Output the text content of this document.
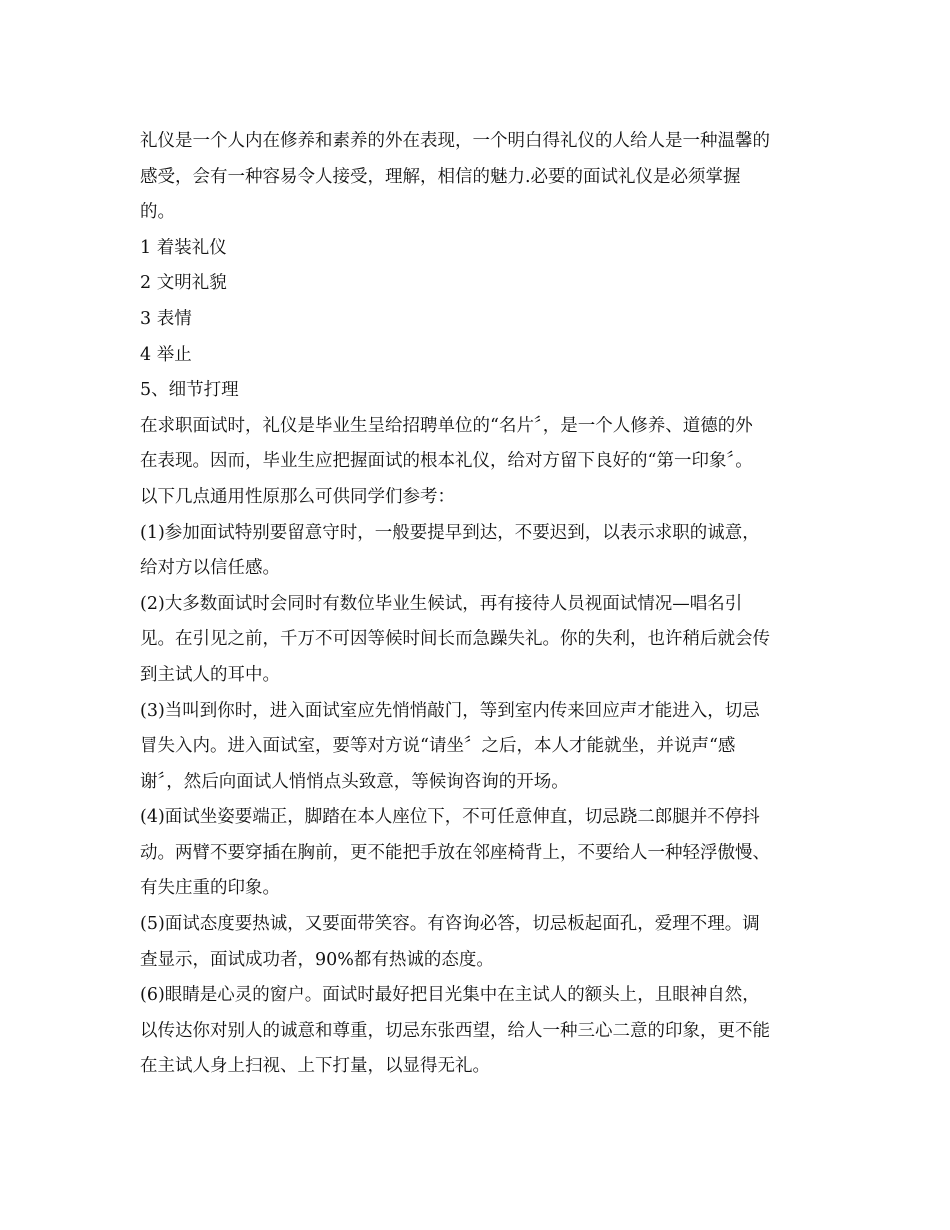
礼仪是一个人内在修养和素养的外在表现，一个明白得礼仪的人给人是一种温馨的
感受，会有一种容易令人接受，理解，相信的魅力.必要的面试礼仪是必须掌握
的。
1 着装礼仪
2 文明礼貌
3 表情
4 举止
5、细节打理
在求职面试时，礼仪是毕业生呈给招聘单位的“名片〞，是一个人修养、道德的外
在表现。因而，毕业生应把握面试的根本礼仪，给对方留下良好的“第一印象〞。
以下几点通用性原那么可供同学们参考：
(1)参加面试特别要留意守时，一般要提早到达，不要迟到，以表示求职的诚意，
给对方以信任感。
(2)大多数面试时会同时有数位毕业生候试，再有接待人员视面试情况—唱名引
见。在引见之前，千万不可因等候时间长而急躁失礼。你的失利，也许稍后就会传
到主试人的耳中。
(3)当叫到你时，进入面试室应先悄悄敲门，等到室内传来回应声才能进入，切忌
冒失入内。进入面试室，要等对方说“请坐〞之后，本人才能就坐，并说声“感
谢〞，然后向面试人悄悄点头致意，等候询咨询的开场。
(4)面试坐姿要端正，脚踏在本人座位下，不可任意伸直，切忌跷二郎腿并不停抖
动。两臂不要穿插在胸前，更不能把手放在邻座椅背上，不要给人一种轻浮傲慢、
有失庄重的印象。
(5)面试态度要热诚，又要面带笑容。有咨询必答，切忌板起面孔，爱理不理。调
查显示，面试成功者，90%都有热诚的态度。
(6)眼睛是心灵的窗户。面试时最好把目光集中在主试人的额头上，且眼神自然，
以传达你对别人的诚意和尊重，切忌东张西望，给人一种三心二意的印象，更不能
在主试人身上扫视、上下打量，以显得无礼。
